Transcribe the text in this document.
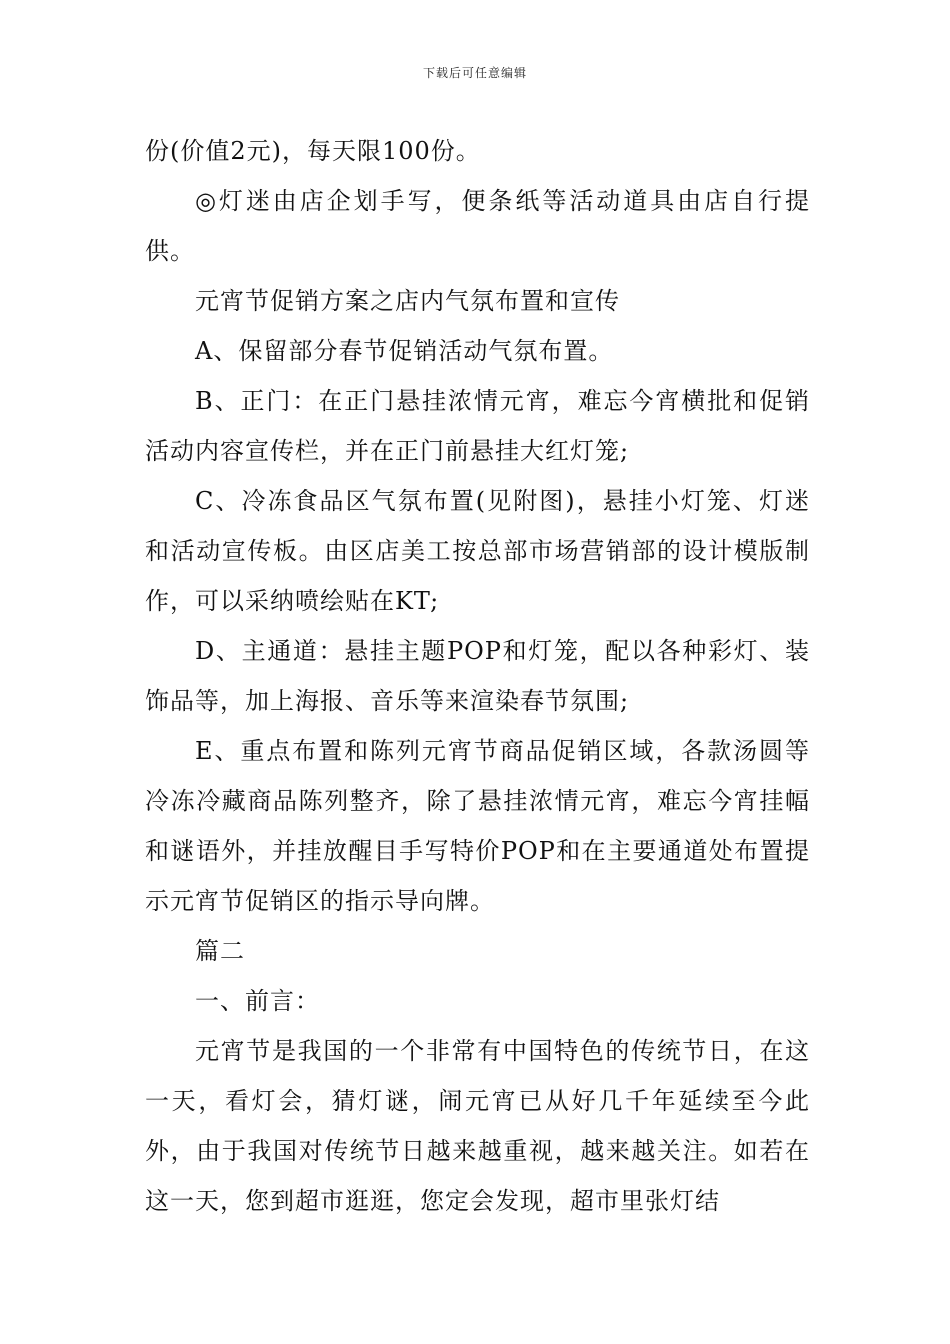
下载后可任意编辑

份(价值2元)，每天限100份。

◎灯迷由店企划手写，便条纸等活动道具由店自行提供。

元宵节促销方案之店内气氛布置和宣传

A、保留部分春节促销活动气氛布置。

B、正门：在正门悬挂浓情元宵，难忘今宵横批和促销活动内容宣传栏，并在正门前悬挂大红灯笼;

C、冷冻食品区气氛布置(见附图)，悬挂小灯笼、灯迷和活动宣传板。由区店美工按总部市场营销部的设计模版制作，可以采纳喷绘贴在KT;

D、主通道：悬挂主题POP和灯笼，配以各种彩灯、装饰品等，加上海报、音乐等来渲染春节氛围;

E、重点布置和陈列元宵节商品促销区域，各款汤圆等冷冻冷藏商品陈列整齐，除了悬挂浓情元宵，难忘今宵挂幅和谜语外，并挂放醒目手写特价POP和在主要通道处布置提示元宵节促销区的指示导向牌。

篇二

一、前言：

元宵节是我国的一个非常有中国特色的传统节日，在这一天，看灯会，猜灯谜，闹元宵已从好几千年延续至今此外，由于我国对传统节日越来越重视，越来越关注。如若在这一天，您到超市逛逛，您定会发现，超市里张灯结
